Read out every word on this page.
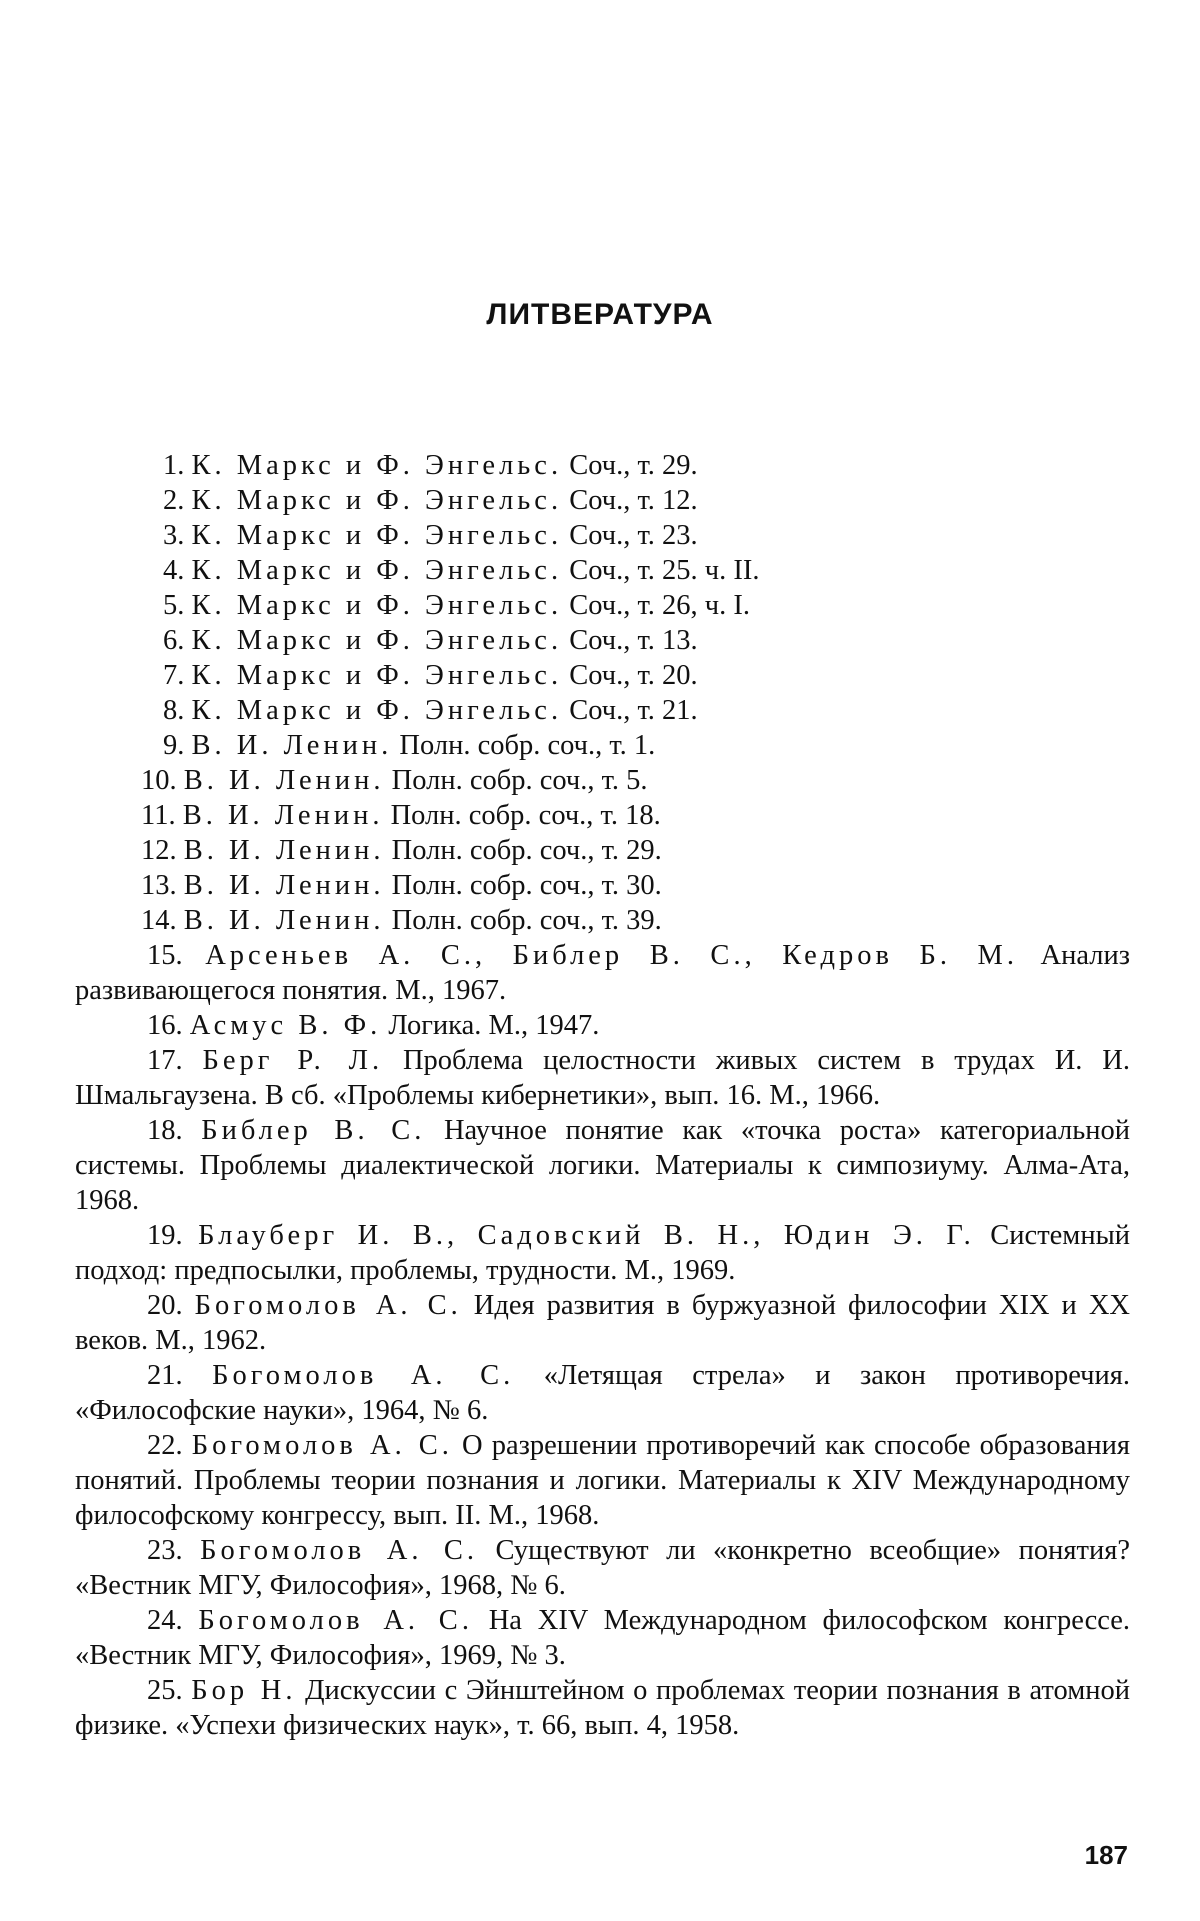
ЛИТВЕРАТУРА
1. К. Маркс и Ф. Энгельс. Соч., т. 29.
2. К. Маркс и Ф. Энгельс. Соч., т. 12.
3. К. Маркс и Ф. Энгельс. Соч., т. 23.
4. К. Маркс и Ф. Энгельс. Соч., т. 25. ч. II.
5. К. Маркс и Ф. Энгельс. Соч., т. 26, ч. I.
6. К. Маркс и Ф. Энгельс. Соч., т. 13.
7. К. Маркс и Ф. Энгельс. Соч., т. 20.
8. К. Маркс и Ф. Энгельс. Соч., т. 21.
9. В. И. Ленин. Полн. собр. соч., т. 1.
10. В. И. Ленин. Полн. собр. соч., т. 5.
11. В. И. Ленин. Полн. собр. соч., т. 18.
12. В. И. Ленин. Полн. собр. соч., т. 29.
13. В. И. Ленин. Полн. собр. соч., т. 30.
14. В. И. Ленин. Полн. собр. соч., т. 39.
15. Арсеньев А. С., Библер В. С., Кедров Б. М. Анализ развивающегося понятия. М., 1967.
16. Асмус В. Ф. Логика. М., 1947.
17. Берг Р. Л. Проблема целостности живых систем в трудах И. И. Шмальгаузена. В сб. «Проблемы кибернетики», вып. 16. М., 1966.
18. Библер В. С. Научное понятие как «точка роста» категориальной системы. Проблемы диалектической логики. Материалы к симпозиуму. Алма-Ата, 1968.
19. Блауберг И. В., Садовский В. Н., Юдин Э. Г. Системный подход: предпосылки, проблемы, трудности. М., 1969.
20. Богомолов А. С. Идея развития в буржуазной философии XIX и XX веков. М., 1962.
21. Богомолов А. С. «Летящая стрела» и закон противоречия. «Философские науки», 1964, № 6.
22. Богомолов А. С. О разрешении противоречий как способе образования понятий. Проблемы теории познания и логики. Материалы к XIV Международному философскому конгрессу, вып. II. М., 1968.
23. Богомолов А. С. Существуют ли «конкретно всеобщие» понятия? «Вестник МГУ, Философия», 1968, № 6.
24. Богомолов А. С. На XIV Международном философском конгрессе. «Вестник МГУ, Философия», 1969, № 3.
25. Бор Н. Дискуссии с Эйнштейном о проблемах теории познания в атомной физике. «Успехи физических наук», т. 66, вып. 4, 1958.
187
